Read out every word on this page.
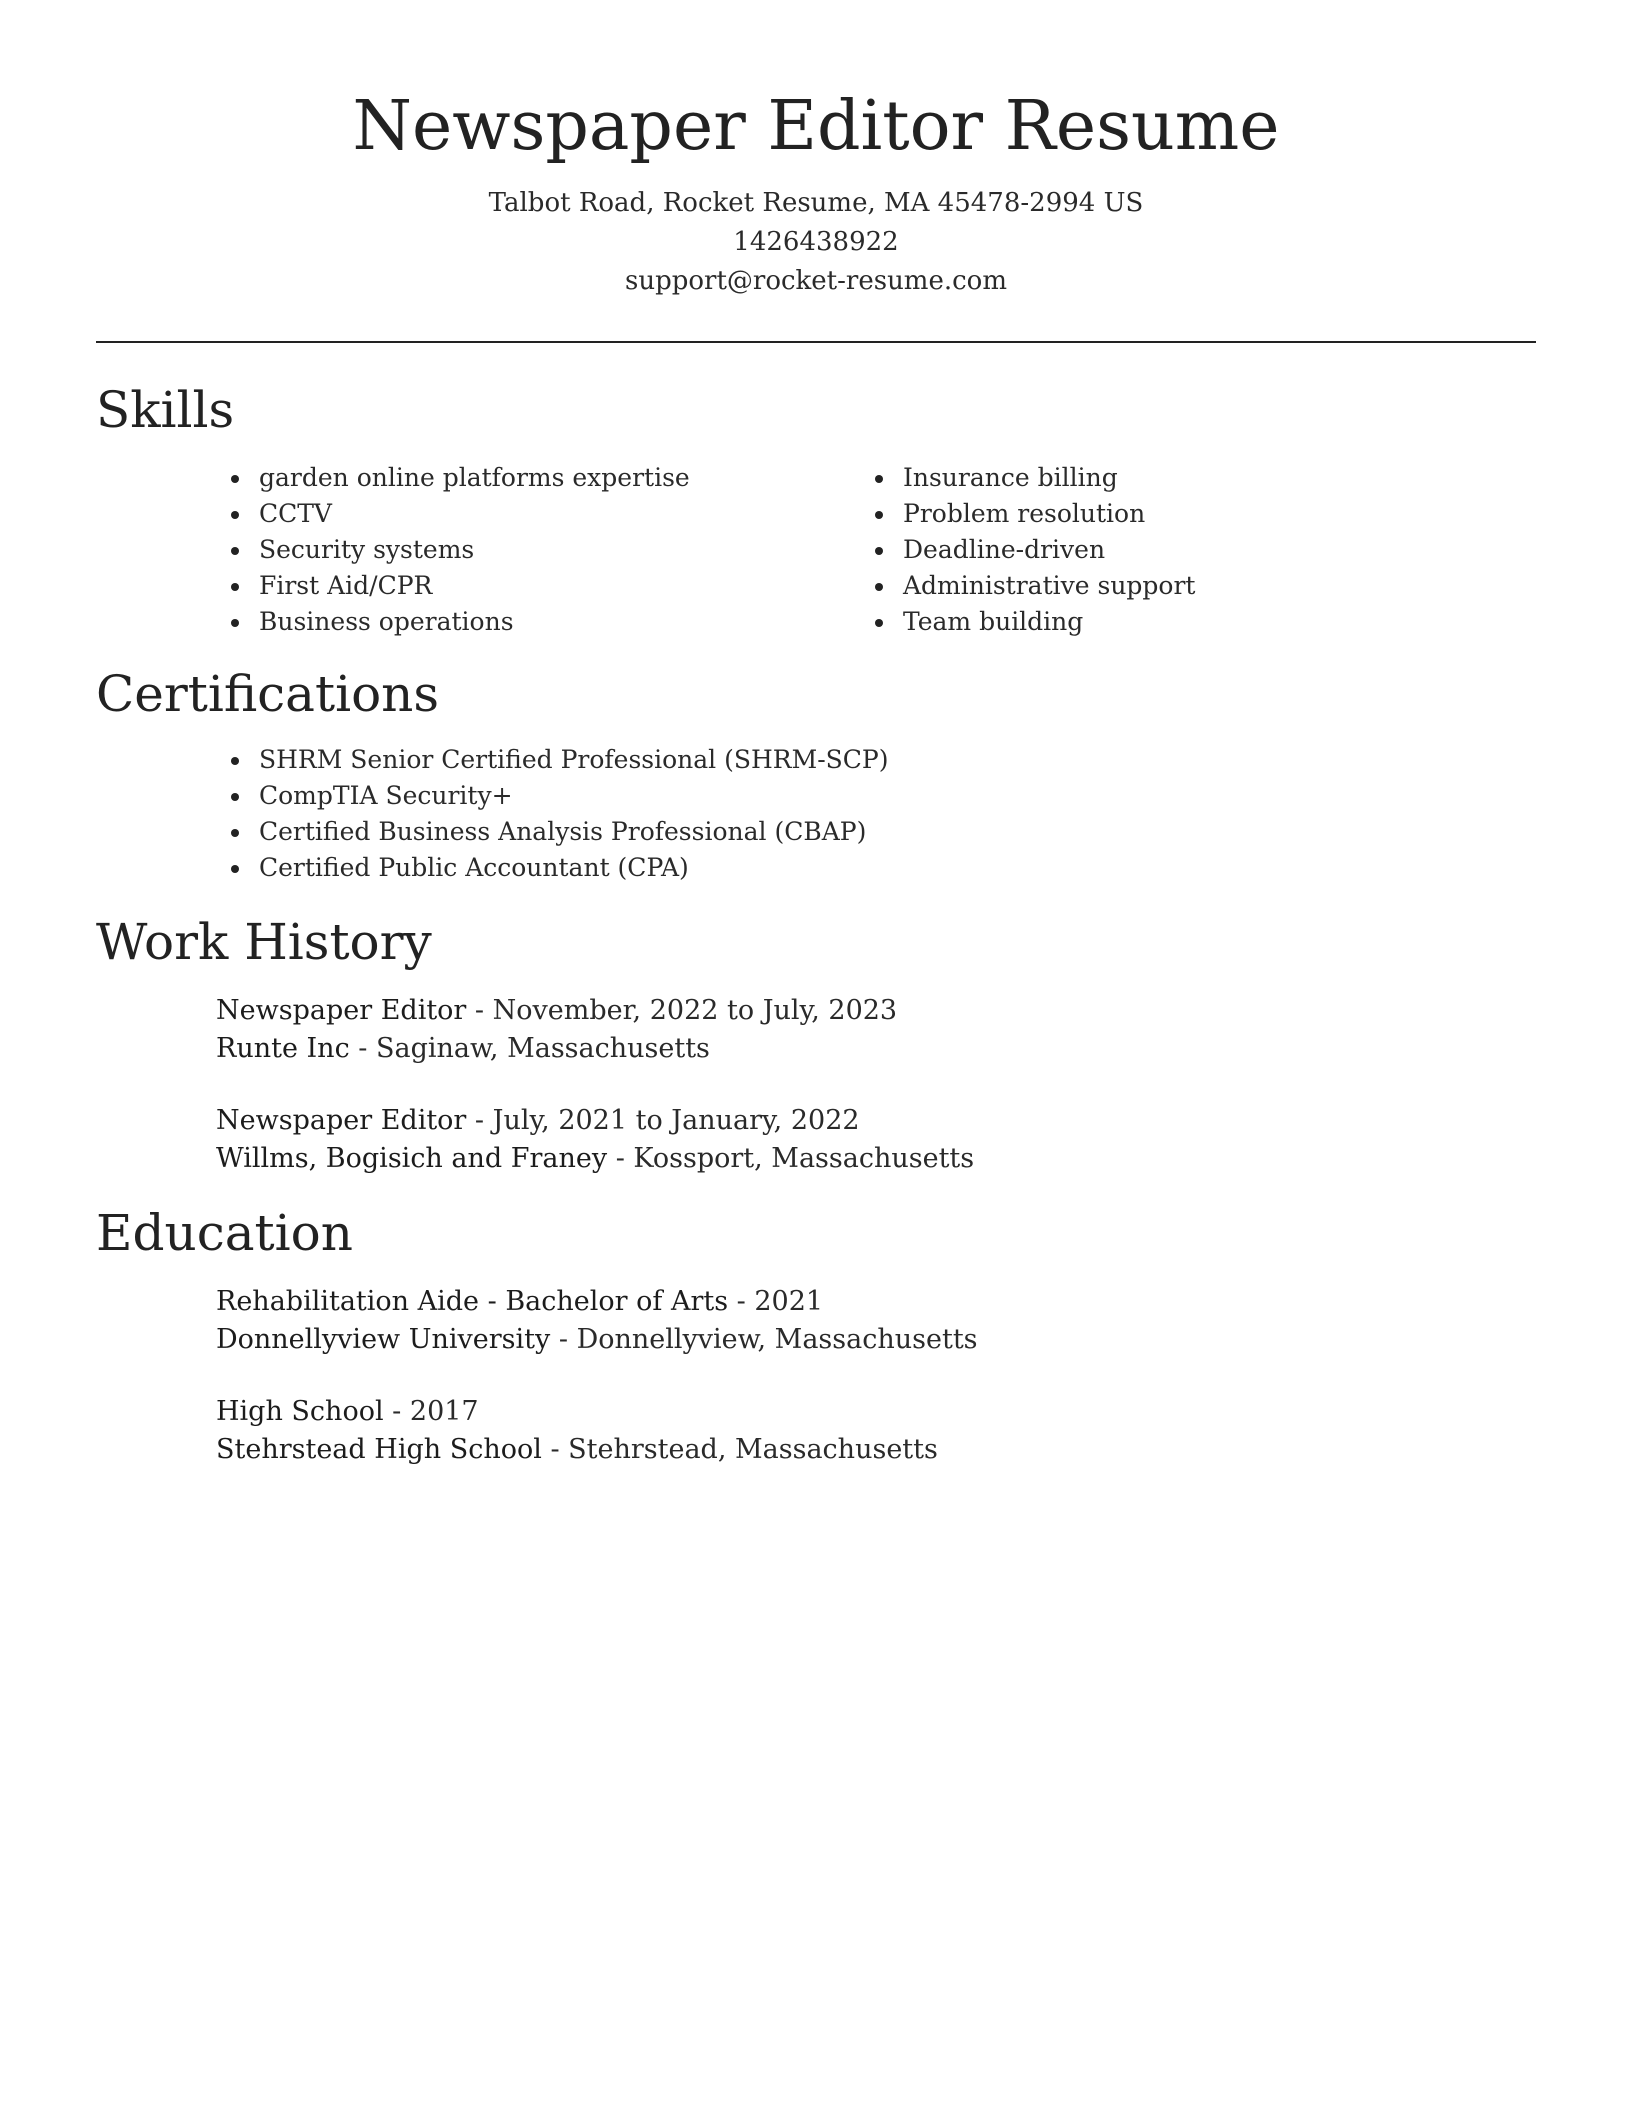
Newspaper Editor Resume
Talbot Road, Rocket Resume, MA 45478-2994 US
1426438922
support@rocket-resume.com
Skills
garden online platforms expertise
CCTV
Security systems
First Aid/CPR
Business operations
Insurance billing
Problem resolution
Deadline-driven
Administrative support
Team building
Certifications
SHRM Senior Certified Professional (SHRM-SCP)
CompTIA Security+
Certified Business Analysis Professional (CBAP)
Certified Public Accountant (CPA)
Work History
Newspaper Editor - November, 2022 to July, 2023
Runte Inc - Saginaw, Massachusetts
Newspaper Editor - July, 2021 to January, 2022
Willms, Bogisich and Franey - Kossport, Massachusetts
Education
Rehabilitation Aide - Bachelor of Arts - 2021
Donnellyview University - Donnellyview, Massachusetts
High School - 2017
Stehrstead High School - Stehrstead, Massachusetts
